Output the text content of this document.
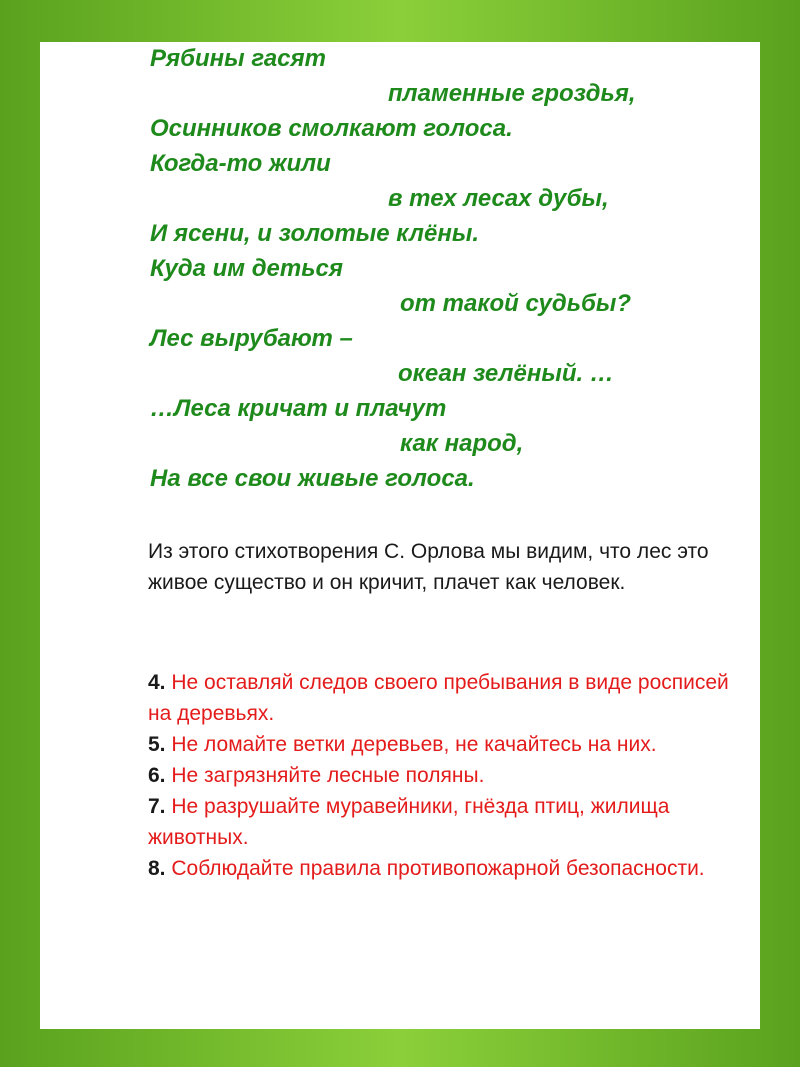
Рябины гасят
пламенные гроздья,
Осинников смолкают голоса.
Когда-то жили
в тех лесах дубы,
И ясени, и золотые клёны.
Куда им деться
от такой судьбы?
Лес вырубают –
океан зелёный. …
…Леса кричат и плачут
как народ,
На все свои живые голоса.

Из этого стихотворения С. Орлова мы видим, что лес это живое существо и он кричит, плачет как человек.

4. Не оставляй следов своего пребывания в виде росписей на деревьях.
5. Не ломайте ветки деревьев, не качайтесь на них.
6. Не загрязняйте лесные поляны.
7. Не разрушайте муравейники, гнёзда птиц, жилища животных.
8. Соблюдайте правила противопожарной безопасности.
